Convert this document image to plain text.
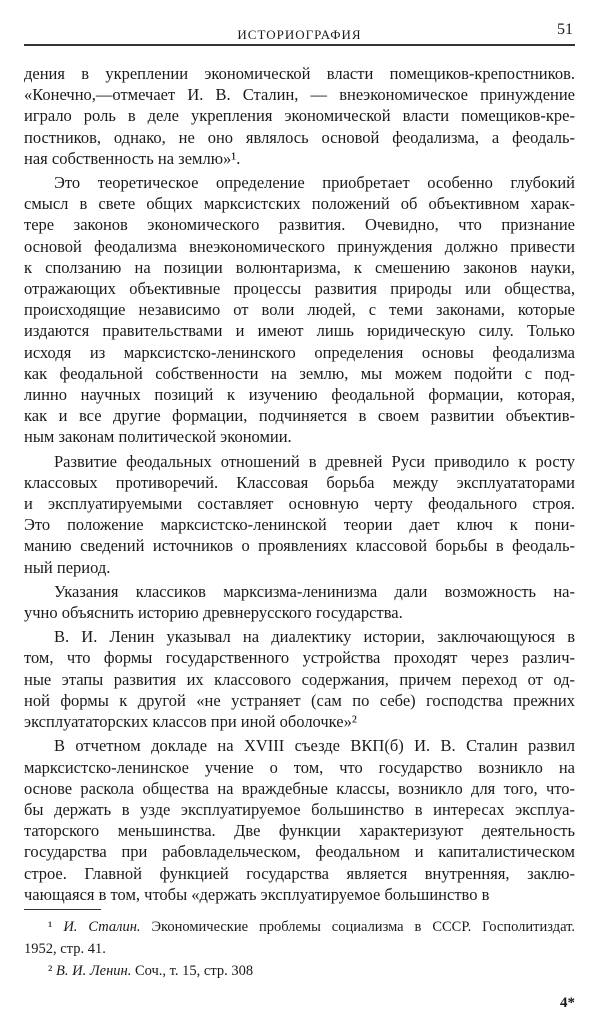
ИСТОРИОГРАФИЯ	51
дения в укреплении экономической власти помещиков-крепостников.
«Конечно,—отмечает И. В. Сталин, — внеэкономическое принуждение
играло роль в деле укрепления экономической власти помещиков-кре-
постников, однако, не оно являлось основой феодализма, а феодаль-
ная собственность на землю»¹.
Это теоретическое определение приобретает особенно глубокий
смысл в свете общих марксистских положений об объективном харак-
тере законов экономического развития. Очевидно, что признание
основой феодализма внеэкономического принуждения должно привести
к сползанию на позиции волюнтаризма, к смешению законов науки,
отражающих объективные процессы развития природы или общества,
происходящие независимо от воли людей, с теми законами, которые
издаются правительствами и имеют лишь юридическую силу. Только
исходя из марксистско-ленинского определения основы феодализма
как феодальной собственности на землю, мы можем подойти с под-
линно научных позиций к изучению феодальной формации, которая,
как и все другие формации, подчиняется в своем развитии объектив-
ным законам политической экономии.
Развитие феодальных отношений в древней Руси приводило к росту
классовых противоречий. Классовая борьба между эксплуататорами
и эксплуатируемыми составляет основную черту феодального строя.
Это положение марксистско-ленинской теории дает ключ к пони-
манию сведений источников о проявлениях классовой борьбы в феодаль-
ный период.
Указания классиков марксизма-ленинизма дали возможность на-
учно объяснить историю древнерусского государства.
В. И. Ленин указывал на диалектику истории, заключающуюся в
том, что формы государственного устройства проходят через различ-
ные этапы развития их классового содержания, причем переход от од-
ной формы к другой «не устраняет (сам по себе) господства прежних
эксплуататорских классов при иной оболочке»²
В отчетном докладе на XVIII съезде ВКП(б) И. В. Сталин развил
марксистско-ленинское учение о том, что государство возникло на
основе раскола общества на враждебные классы, возникло для того, что-
бы держать в узде эксплуатируемое большинство в интересах эксплуа-
таторского меньшинства. Две функции характеризуют деятельность
государства при рабовладельческом, феодальном и капиталистическом
строе. Главной функцией государства является внутренняя, заклю-
чающаяся в том, чтобы «держать эксплуатируемое большинство в
¹ И. Сталин. Экономические проблемы социализма в СССР. Госполитиздат.
1952, стр. 41.
² В. И. Ленин. Соч., т. 15, стр. 308
4*
